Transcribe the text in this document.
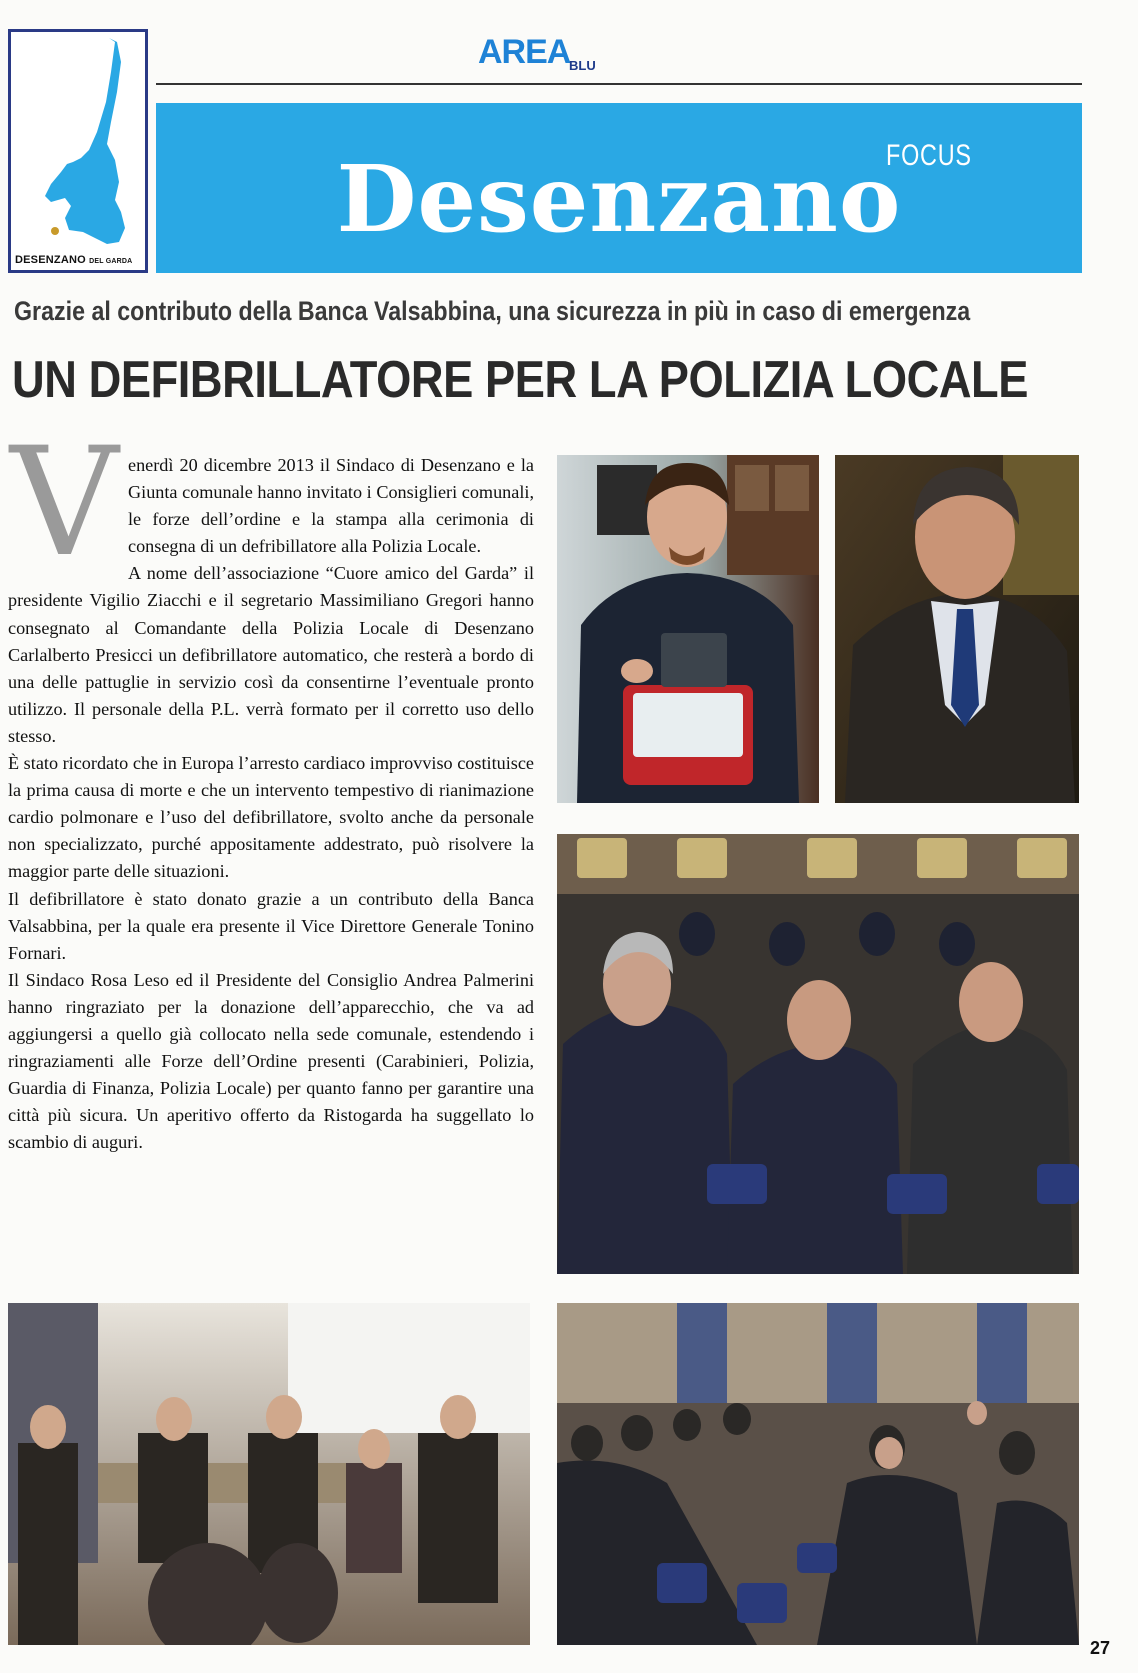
DESENZANO DEL GARDA
AREA
BLU
FOCUS
Desenzano
Grazie al contributo della Banca Valsabbina, una sicurezza in più in caso di emergenza
UN DEFIBRILLATORE PER LA POLIZIA LOCALE
V enerdì 20 dicembre 2013 il Sindaco di Desenzano e la Giunta comunale hanno invitato i Consiglieri comunali, le forze dell’ordine e la stampa alla cerimonia di consegna di un defribillatore alla Polizia Locale.

A nome dell’associazione “Cuore amico del Garda” il presidente Vigilio Ziacchi e il segretario Massimiliano Gregori hanno consegnato al Comandante della Polizia Locale di Desenzano Carlalberto Presicci un defibrillatore automatico, che resterà a bordo di una delle pattuglie in servizio così da consentirne l’eventuale pronto utilizzo. Il personale della P.L. verrà formato per il corretto uso dello stesso.

È stato ricordato che in Europa l’arresto cardiaco improvviso costituisce la prima causa di morte e che un intervento tempestivo di rianimazione cardio polmonare e l’uso del defibrillatore, svolto anche da personale non specializzato, purché appositamente addestrato, può risolvere la maggior parte delle situazioni.

Il defibrillatore è stato donato grazie a un contributo della Banca Valsabbina, per la quale era presente il Vice Direttore Generale Tonino Fornari.

Il Sindaco Rosa Leso ed il Presidente del Consiglio Andrea Palmerini hanno ringraziato per la donazione dell’apparecchio, che va ad aggiungersi a quello già collocato nella sede comunale, estendendo i ringraziamenti alle Forze dell’Ordine presenti (Carabinieri, Polizia, Guardia di Finanza, Polizia Locale) per quanto fanno per garantire una città più sicura. Un aperitivo offerto da Ristogarda ha suggellato lo scambio di auguri.

27
